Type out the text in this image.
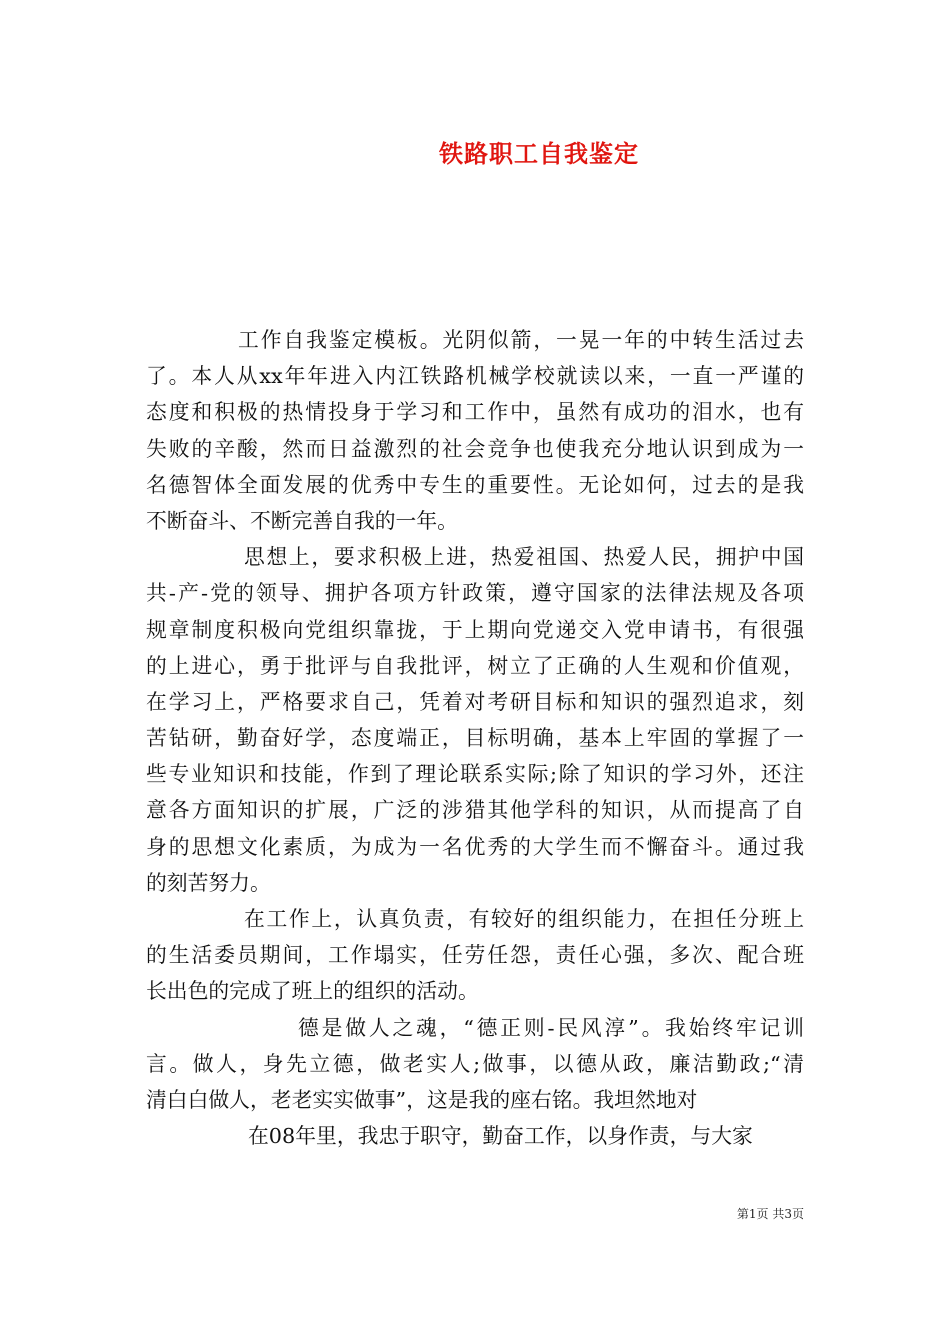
铁路职工自我鉴定
工作自我鉴定模板。光阴似箭，一晃一年的中转生活过去
了。本人从xx年年进入内江铁路机械学校就读以来，一直一严谨的
态度和积极的热情投身于学习和工作中，虽然有成功的泪水，也有
失败的辛酸，然而日益激烈的社会竞争也使我充分地认识到成为一
名德智体全面发展的优秀中专生的重要性。无论如何，过去的是我
不断奋斗、不断完善自我的一年。
思想上，要求积极上进，热爱祖国、热爱人民，拥护中国
共-产-党的领导、拥护各项方针政策，遵守国家的法律法规及各项
规章制度积极向党组织靠拢，于上期向党递交入党申请书，有很强
的上进心，勇于批评与自我批评，树立了正确的人生观和价值观，
在学习上，严格要求自己，凭着对考研目标和知识的强烈追求，刻
苦钻研，勤奋好学，态度端正，目标明确，基本上牢固的掌握了一
些专业知识和技能，作到了理论联系实际;除了知识的学习外，还注
意各方面知识的扩展，广泛的涉猎其他学科的知识，从而提高了自
身的思想文化素质，为成为一名优秀的大学生而不懈奋斗。通过我
的刻苦努力。
在工作上，认真负责，有较好的组织能力，在担任分班上
的生活委员期间，工作塌实，任劳任怨，责任心强，多次、配合班
长出色的完成了班上的组织的活动。
德是做人之魂，“德正则-民风淳”。我始终牢记训
言。做人，身先立德，做老实人;做事，以德从政，廉洁勤政;“清
清白白做人，老老实实做事”，这是我的座右铭。我坦然地对
在08年里，我忠于职守，勤奋工作，以身作责，与大家
第1页 共3页
